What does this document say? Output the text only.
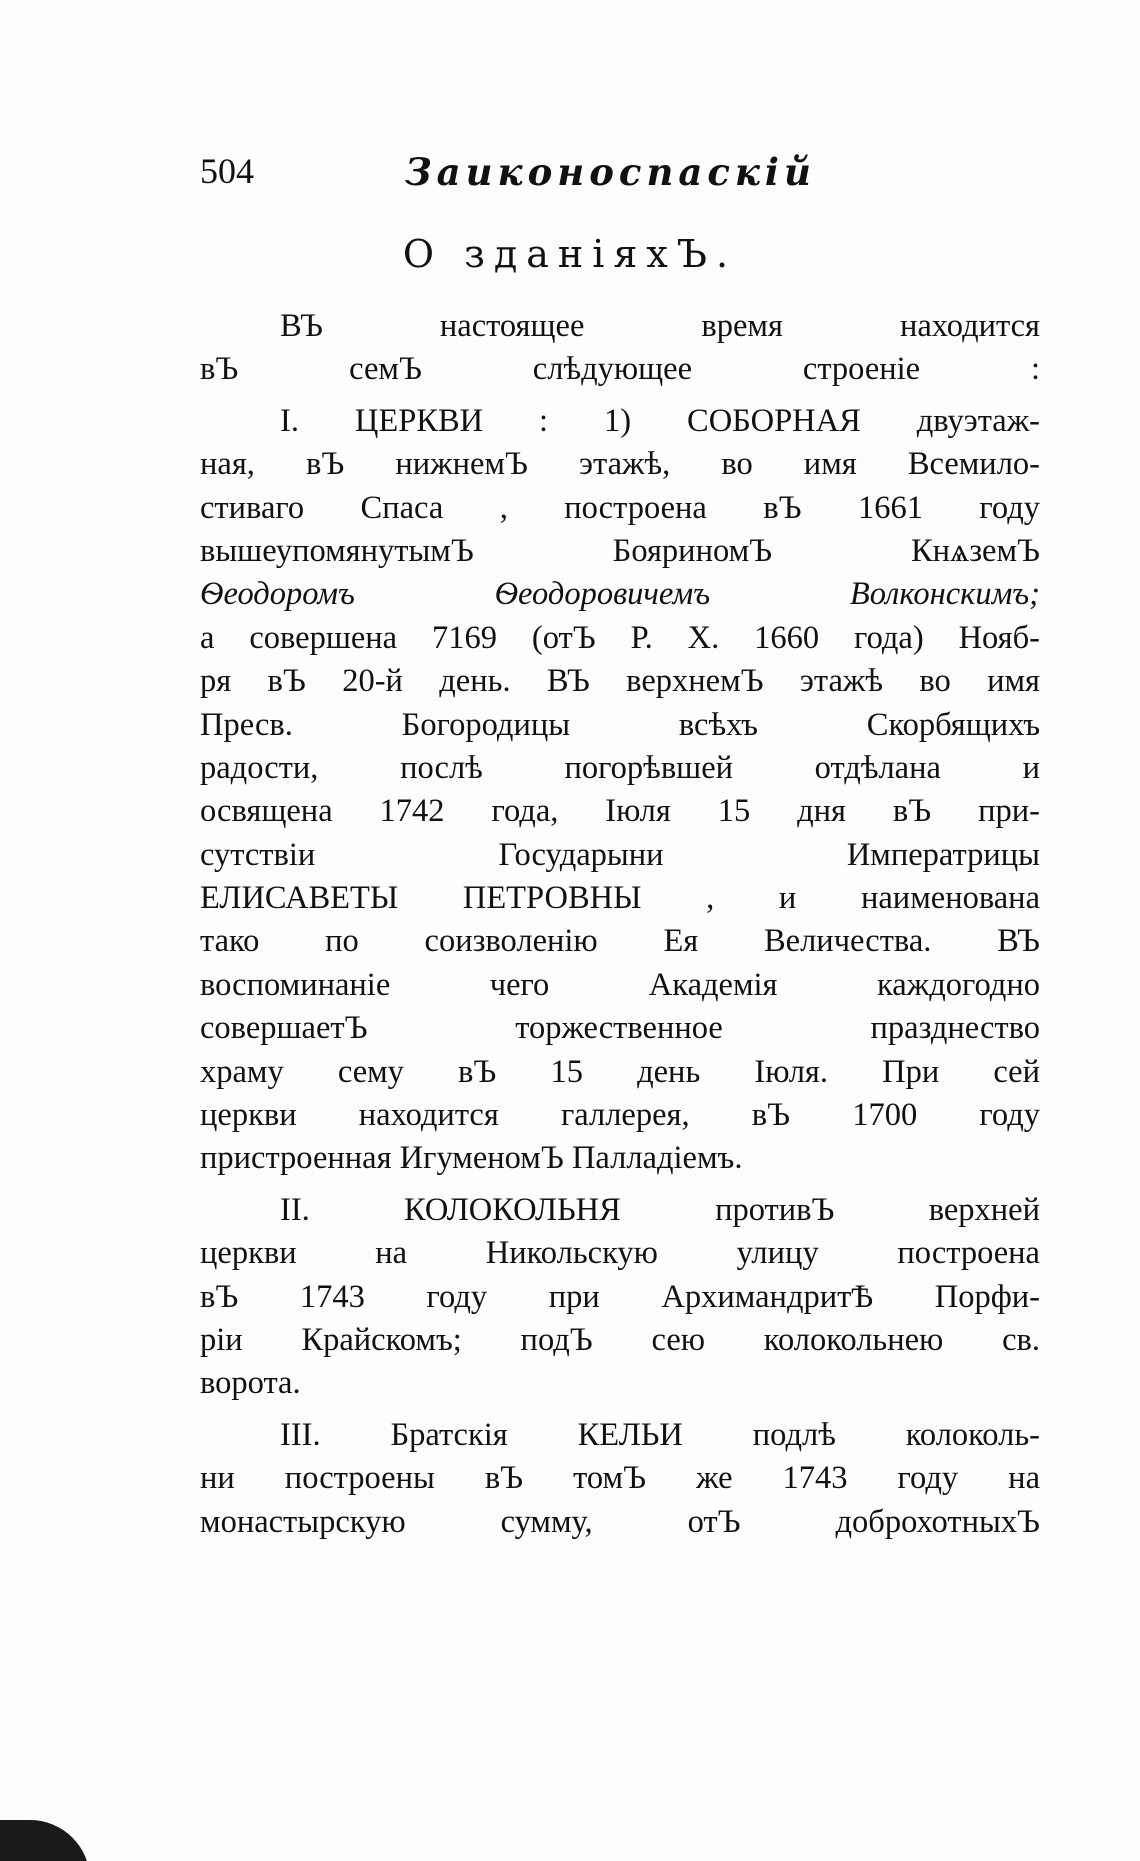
504	Заиконоспаскій
О зданіяхЪ.
ВЪ настоящее время находится
вЪ семЪ слѣдующее строеніе :
I. ЦЕРКВИ : 1) СОБОРНАЯ двуэтаж-
ная, вЪ нижнемЪ этажѣ, во имя Всемило-
стиваго Спаса , построена вЪ 1661 году
вышеупомянутымЪ БояриномЪ КнѧземЪ
Ѳеодоромъ Ѳеодоровичемъ Волконскимъ;
а совершена 7169 (отЪ Р. Х. 1660 года) Нояб-
ря вЪ 20-й день. ВЪ верхнемЪ этажѣ во имя
Пресв. Богородицы всѣхъ Скорбящихъ
радости, послѣ погорѣвшей отдѣлана и
освящена 1742 года, Іюля 15 дня вЪ при-
сутствіи Государыни Императрицы
ЕЛИСАВЕТЫ ПЕТРОВНЫ , и наименована
тако по соизволенію Ея Величества. ВЪ
воспоминаніе чего Академія каждогодно
совершаетЪ торжественное празднество
храму сему вЪ 15 день Іюля. При сей
церкви находится галлерея, вЪ 1700 году
пристроенная ИгуменомЪ Палладіемъ.
II. КОЛОКОЛЬНЯ противЪ верхней
церкви на Никольскую улицу построена
вЪ 1743 году при АрхимандритѢ Порфи-
ріи Крайскомъ; подЪ сею колокольнею св.
ворота.
III. Братскія КЕЛЬИ подлѣ колоколь-
ни построены вЪ томЪ же 1743 году на
монастырскую сумму, отЪ доброхотныхЪ
